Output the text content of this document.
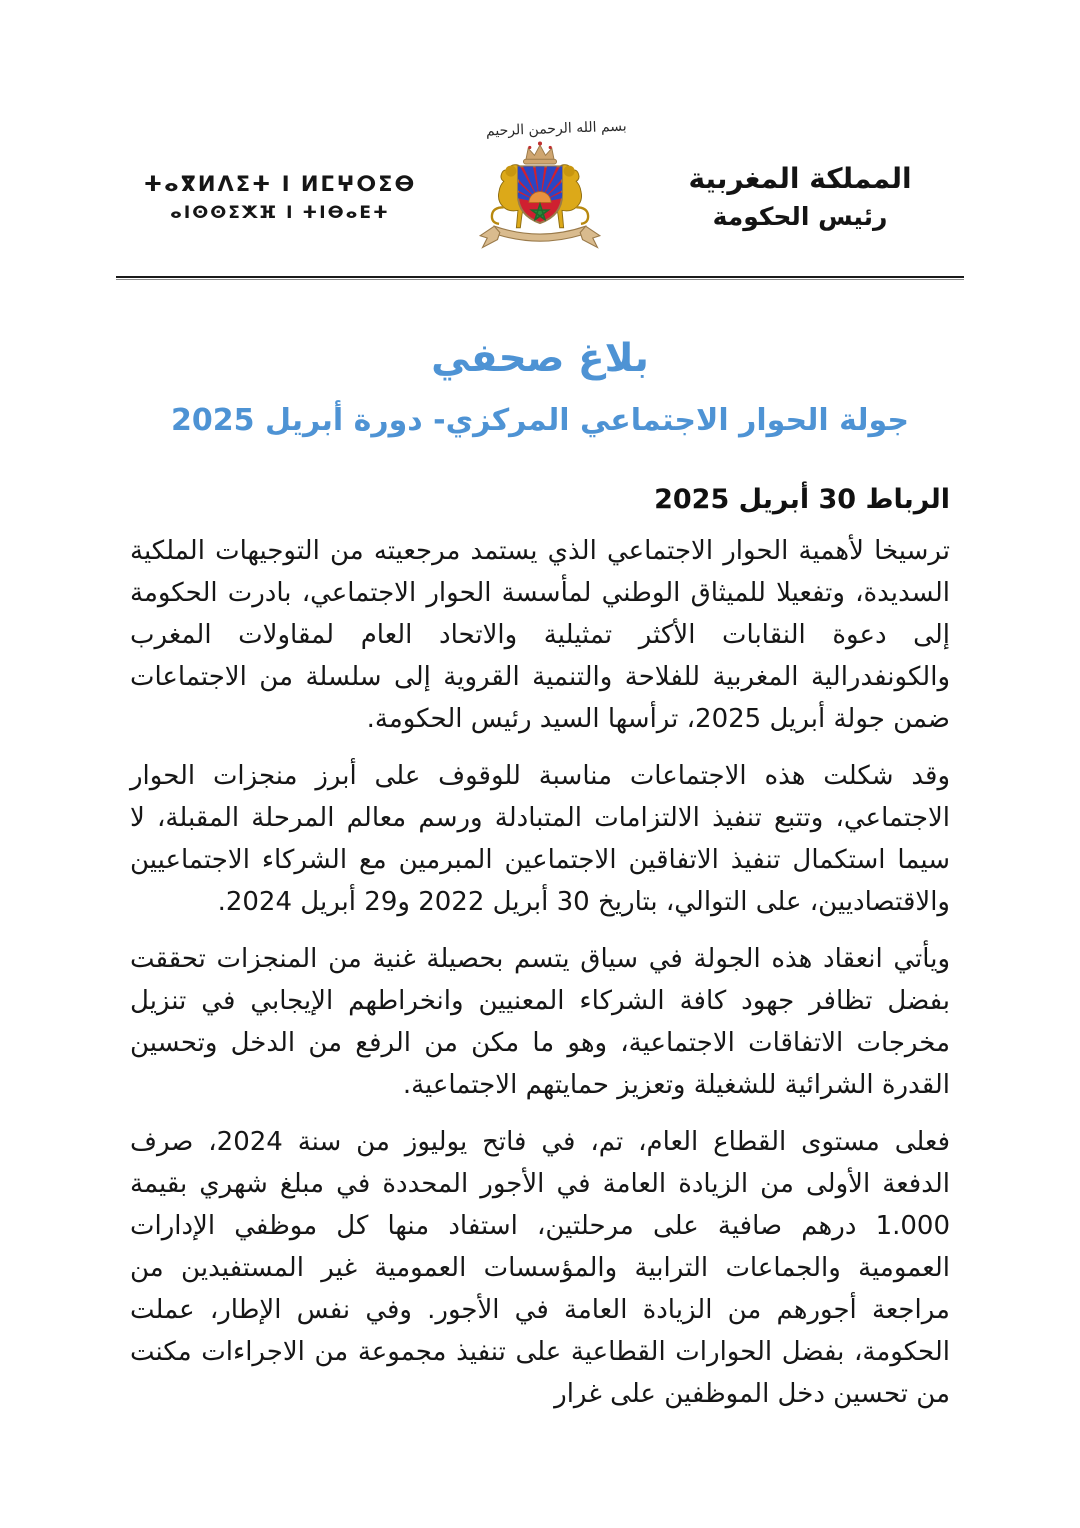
ⵜⴰⴳⵍⴷⵉⵜ ⵏ ⵍⵎⵖⵔⵉⴱ
ⴰⵏⵙⵙⵉⵅⴼ ⵏ ⵜⵏⴱⴰⴹⵜ
بسم الله الرحمن الرحيم
المملكة المغربية
رئيس الحكومة
بلاغ صحفي
جولة الحوار الاجتماعي المركزي- دورة أبريل 2025
الرباط 30 أبريل 2025

ترسيخا لأهمية الحوار الاجتماعي الذي يستمد مرجعيته من التوجيهات الملكية السديدة، وتفعيلا للميثاق الوطني لمأسسة الحوار الاجتماعي، بادرت الحكومة إلى دعوة النقابات الأكثر تمثيلية والاتحاد العام لمقاولات المغرب والكونفدرالية المغربية للفلاحة والتنمية القروية إلى سلسلة من الاجتماعات ضمن جولة أبريل 2025، ترأسها السيد رئيس الحكومة.

وقد شكلت هذه الاجتماعات مناسبة للوقوف على أبرز منجزات الحوار الاجتماعي، وتتبع تنفيذ الالتزامات المتبادلة ورسم معالم المرحلة المقبلة، لا سيما استكمال تنفيذ الاتفاقين الاجتماعين المبرمين مع الشركاء الاجتماعيين والاقتصاديين، على التوالي، بتاريخ 30 أبريل 2022 و29 أبريل 2024.

ويأتي انعقاد هذه الجولة في سياق يتسم بحصيلة غنية من المنجزات تحققت بفضل تظافر جهود كافة الشركاء المعنيين وانخراطهم الإيجابي في تنزيل مخرجات الاتفاقات الاجتماعية، وهو ما مكن من الرفع من الدخل وتحسين القدرة الشرائية للشغيلة وتعزيز حمايتهم الاجتماعية.

فعلى مستوى القطاع العام، تم، في فاتح يوليوز من سنة 2024، صرف الدفعة الأولى من الزيادة العامة في الأجور المحددة في مبلغ شهري بقيمة 1.000 درهم صافية على مرحلتين، استفاد منها كل موظفي الإدارات العمومية والجماعات الترابية والمؤسسات العمومية غير المستفيدين من مراجعة أجورهم من الزيادة العامة في الأجور. وفي نفس الإطار، عملت الحكومة، بفضل الحوارات القطاعية على تنفيذ مجموعة من الاجراءات مكنت من تحسين دخل الموظفين على غرار
